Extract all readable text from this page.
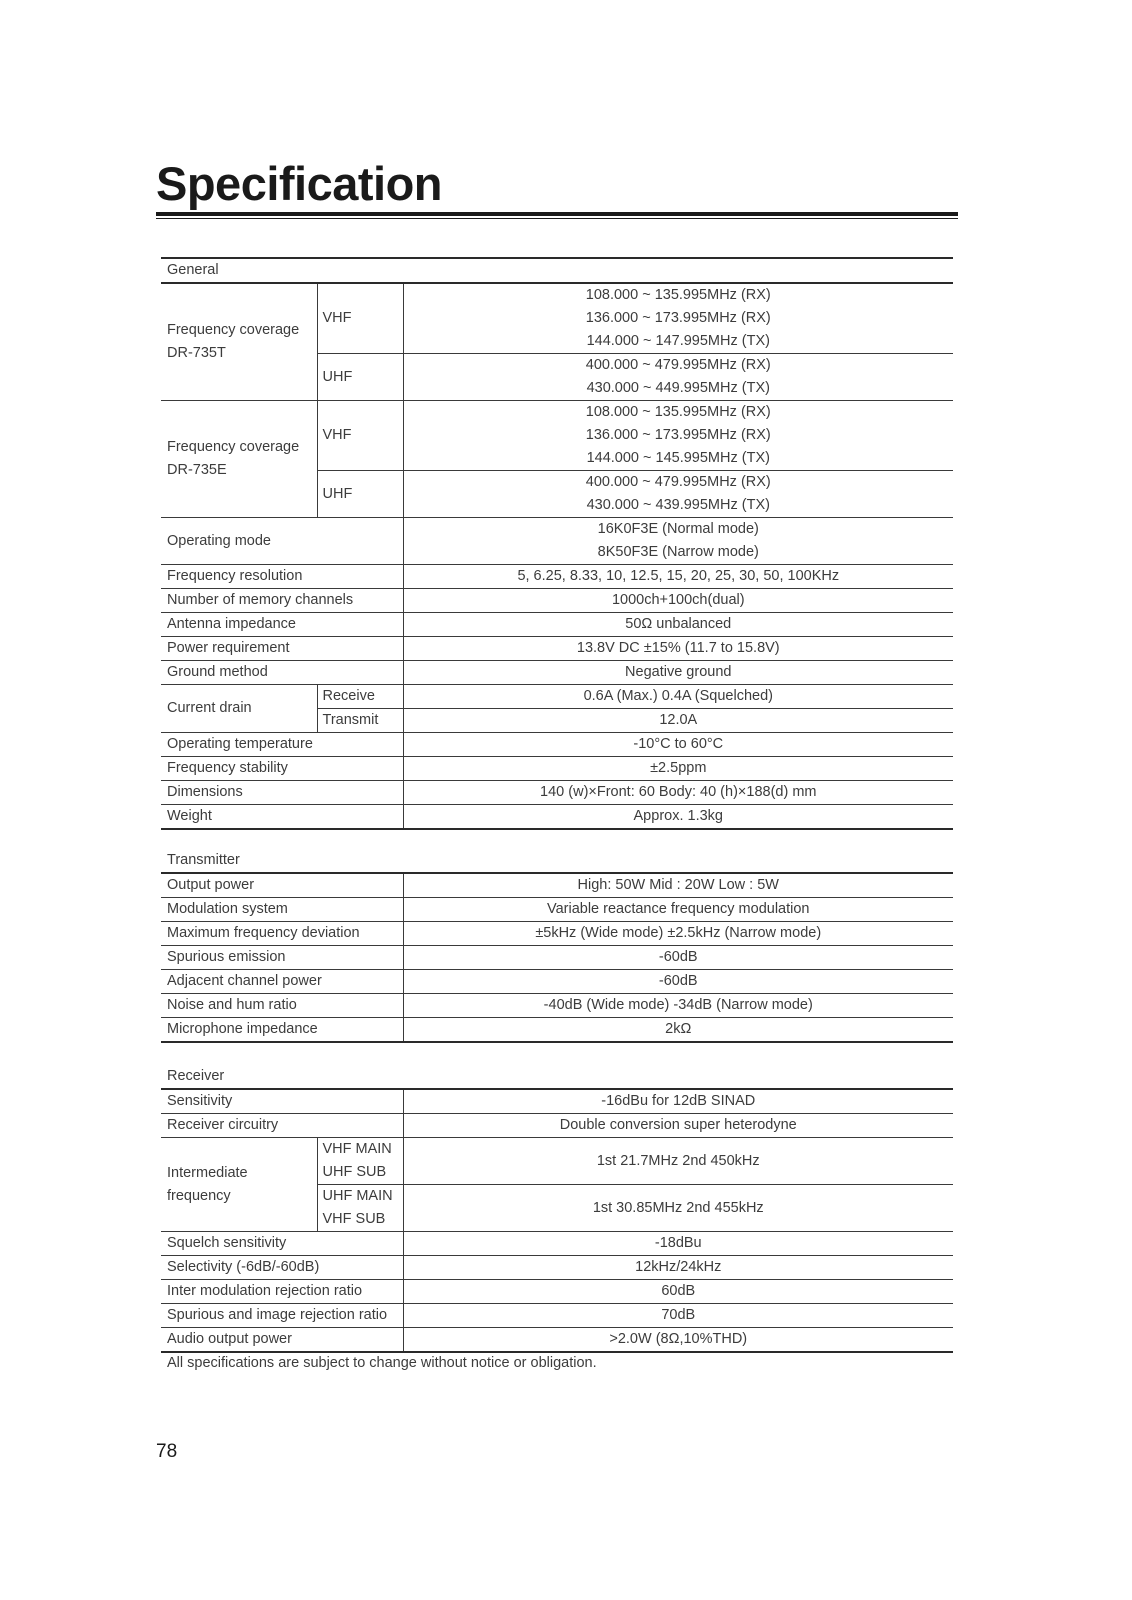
Specification
General		

Frequency coverage
DR-735T	VHF	108.000 ~ 135.995MHz (RX)
		136.000 ~ 173.995MHz (RX)
		144.000 ~ 147.995MHz (TX)
	UHF	400.000 ~ 479.995MHz (RX)
		430.000 ~ 449.995MHz (TX)

Frequency coverage
DR-735E	VHF	108.000 ~ 135.995MHz (RX)
		136.000 ~ 173.995MHz (RX)
		144.000 ~ 145.995MHz (TX)
	UHF	400.000 ~ 479.995MHz (RX)
		430.000 ~ 439.995MHz (TX)
Operating mode		16K0F3E (Normal mode)
		8K50F3E (Narrow mode)
Frequency resolution		5, 6.25, 8.33, 10, 12.5, 15, 20, 25, 30, 50, 100KHz
Number of memory channels		1000ch+100ch(dual)
Antenna impedance		50Ω unbalanced
Power requirement		13.8V DC ±15% (11.7 to 15.8V)
Ground method		Negative ground
Current drain	Receive	0.6A (Max.) 0.4A (Squelched)
	Transmit	12.0A
Operating temperature		-10°C to 60°C
Frequency stability		±2.5ppm
Dimensions		140 (w)×Front: 60 Body: 40 (h)×188(d) mm
Weight		Approx. 1.3kg
Transmitter
Output power	High: 50W Mid : 20W Low : 5W
Modulation system	Variable reactance frequency modulation
Maximum frequency deviation	±5kHz (Wide mode) ±2.5kHz (Narrow mode)
Spurious emission	-60dB
Adjacent channel power	-60dB
Noise and hum ratio	-40dB (Wide mode) -34dB (Narrow mode)
Microphone impedance	2kΩ
Receiver
Sensitivity		-16dBu for 12dB SINAD
Receiver circuitry		Double conversion super heterodyne

Intermediate
frequency	VHF MAIN	1st 21.7MHz 2nd 450kHz
	UHF SUB	
	UHF MAIN	1st 30.85MHz 2nd 455kHz
	VHF SUB	
Squelch sensitivity		-18dBu
Selectivity (-6dB/-60dB)		12kHz/24kHz
Inter modulation rejection ratio		60dB
Spurious and image rejection ratio		70dB
Audio output power		>2.0W (8Ω,10%THD)
All specifications are subject to change without notice or obligation.
78
